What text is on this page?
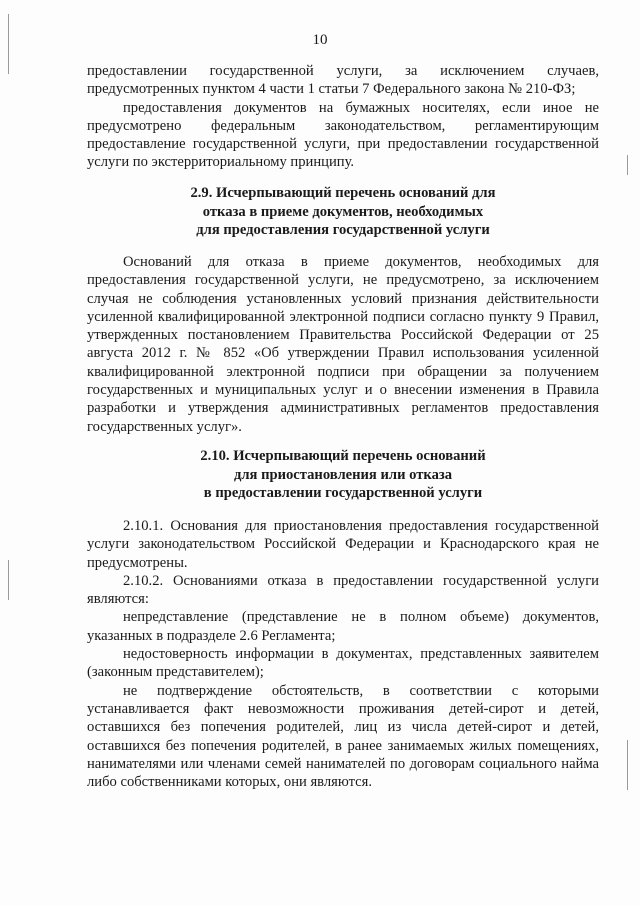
10

предоставлении государственной услуги, за исключением случаев, предусмотренных пунктом 4 части 1 статьи 7 Федерального закона № 210-ФЗ;

предоставления документов на бумажных носителях, если иное не предусмотрено федеральным законодательством, регламентирующим предоставление государственной услуги, при предоставлении государственной услуги по экстерриториальному принципу.

2.9. Исчерпывающий перечень оснований для
отказа в приеме документов, необходимых
для предоставления государственной услуги

Оснований для отказа в приеме документов, необходимых для предоставления государственной услуги, не предусмотрено, за исключением случая не соблюдения установленных условий признания действительности усиленной квалифицированной электронной подписи согласно пункту 9 Правил, утвержденных постановлением Правительства Российской Федерации от 25 августа 2012 г. № 852 «Об утверждении Правил использования усиленной квалифицированной электронной подписи при обращении за получением государственных и муниципальных услуг и о внесении изменения в Правила разработки и утверждения административных регламентов предоставления государственных услуг».

2.10. Исчерпывающий перечень оснований
для приостановления или отказа
в предоставлении государственной услуги

2.10.1. Основания для приостановления предоставления государственной услуги законодательством Российской Федерации и Краснодарского края не предусмотрены.

2.10.2. Основаниями отказа в предоставлении государственной услуги являются:

непредставление (представление не в полном объеме) документов, указанных в подразделе 2.6 Регламента;

недостоверность информации в документах, представленных заявителем (законным представителем);

не подтверждение обстоятельств, в соответствии с которыми устанавливается факт невозможности проживания детей-сирот и детей, оставшихся без попечения родителей, лиц из числа детей-сирот и детей, оставшихся без попечения родителей, в ранее занимаемых жилых помещениях, нанимателями или членами семей нанимателей по договорам социального найма либо собственниками которых, они являются.
